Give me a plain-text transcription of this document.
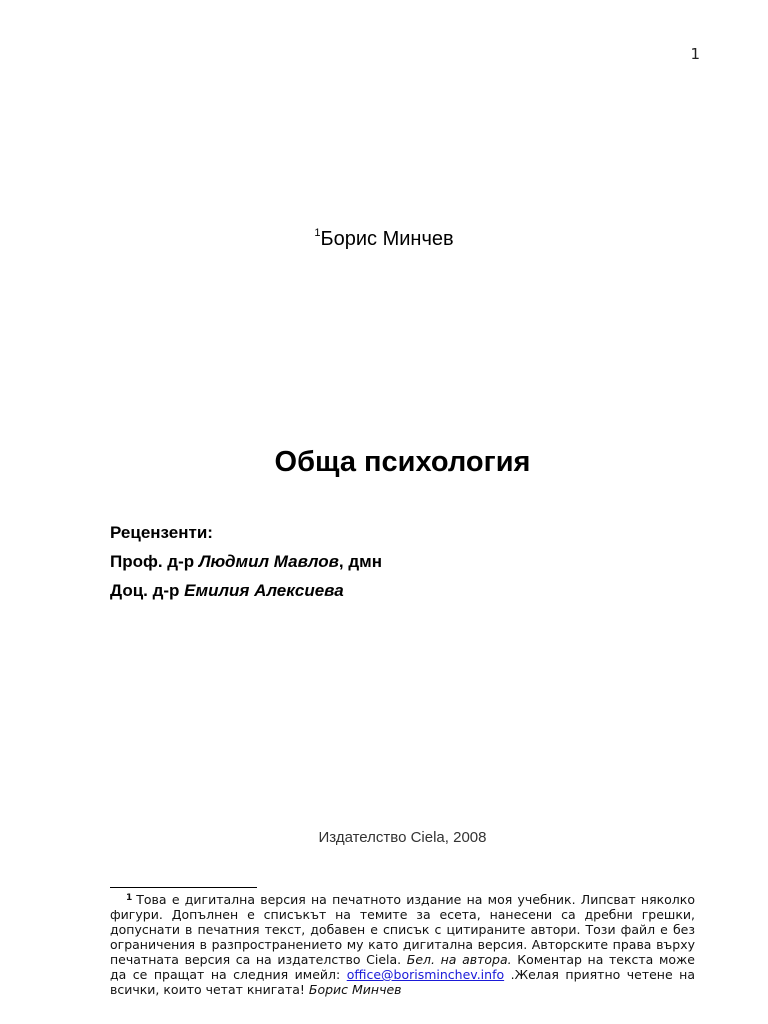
1
$^1$Борис Минчев
Обща психология
Рецензенти:
Проф. д-р Людмил Мавлов, дмн
Доц. д-р Емилия Алексиева
Издателство Ciela, 2008
$^1$ Това е дигитална версия на печатното издание на моя учебник. Липсват няколко фигури. Допълнен е списъкът на темите за есета, нанесени са дребни грешки, допуснати в печатния текст, добавен е списък с цитираните автори. Този файл е без ограничения в разпространението му като дигитална версия. Авторските права върху печатната версия са на издателство Ciela. Бел. на автора. Коментар на текста може да се пращат на следния имейл: office@borisminchev.info .Желая приятно четене на всички, които четат книгата! Борис Минчев
